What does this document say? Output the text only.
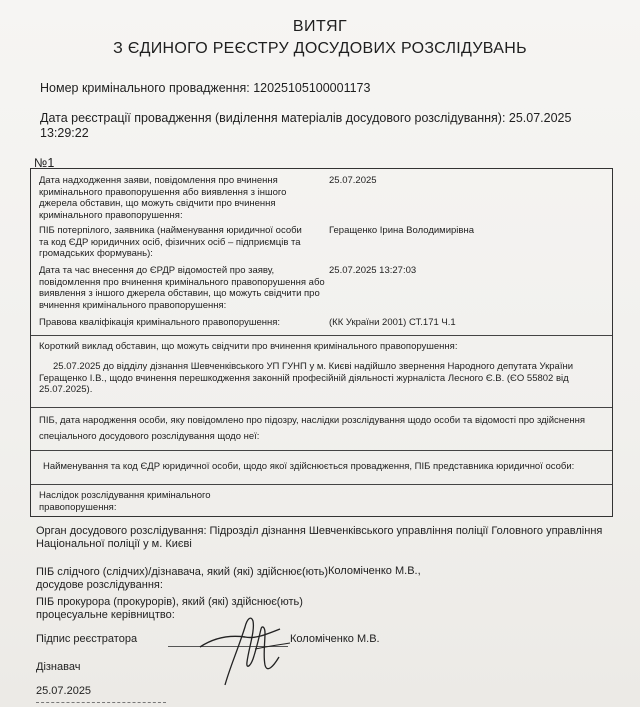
ВИТЯГ
З ЄДИНОГО РЕЄСТРУ ДОСУДОВИХ РОЗСЛІДУВАНЬ
Номер кримінального провадження: 12025105100001173
Дата реєстрації провадження (виділення матеріалів досудового розслідування): 25.07.2025
13:29:22
№1
Дата надходження заяви, повідомлення про вчинення
кримінального правопорушення або виявлення з іншого
джерела обставин, що можуть свідчити про вчинення
кримінального правопорушення:
25.07.2025
ПІБ потерпілого, заявника (найменування юридичної особи
та код ЄДР юридичних осіб, фізичних осіб – підприємців та
громадських формувань):
Геращенко Ірина Володимирівна
Дата та час внесення до ЄРДР відомостей про заяву,
повідомлення про вчинення кримінального правопорушення або
виявлення з іншого джерела обставин, що можуть свідчити про
вчинення кримінального правопорушення:
25.07.2025 13:27:03
Правова кваліфікація кримінального правопорушення:	(КК України 2001) СТ.171 Ч.1
Короткий виклад обставин, що можуть свідчити про вчинення кримінального правопорушення:
25.07.2025 до відділу дізнання Шевченківського УП ГУНП у м. Києві надійшло звернення Народного депутата України
Геращенко І.В., щодо вчинення перешкодження законній професійній діяльності журналіста Лесного Є.В. (ЄО 55802 від
25.07.2025).
ПІБ, дата народження особи, яку повідомлено про підозру, наслідки розслідування щодо особи та відомості про здійснення
спеціального досудового розслідування щодо неї:
Найменування та код ЄДР юридичної особи, щодо якої здійснюється провадження, ПІБ представника юридичної особи:
Наслідок розслідування кримінального
правопорушення:
Орган досудового розслідування: Підрозділ дізнання Шевченківського управління поліції Головного управління
Національної поліції у м. Києві
ПІБ слідчого (слідчих)/дізнавача, який (які) здійснює(ють)
досудове розслідування:
Коломіченко М.В.,
ПІБ прокурора (прокурорів), який (які) здійснює(ють)
процесуальне керівництво:
Підпис реєстратора	Коломіченко М.В.
Дізнавач
25.07.2025
